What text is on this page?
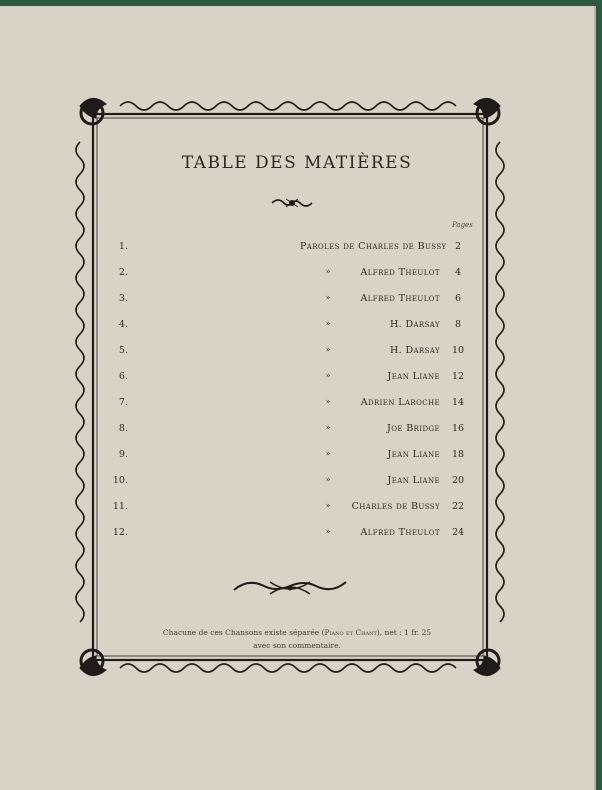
TABLE DES MATIÈRES
Pages
1.	Paroles de Charles de Bussy 2
2.	»	Alfred Theulot	4
3.	»	Alfred Theulot	6
4.	»	H. Darsay	8
5.	»	H. Darsay	10
6.	»	Jean Liane	12
7.	»	Adrien Laroche	14
8.	»	Joe Bridge	16
9.	»	Jean Liane	18
10.	»	Jean Liane	20
11.	»	Charles de Bussy	22
12.	»	Alfred Theulot	24
Chacune de ces Chansons existe séparée (Piano et Chant), net : 1 fr. 25
avec son commentaire.
